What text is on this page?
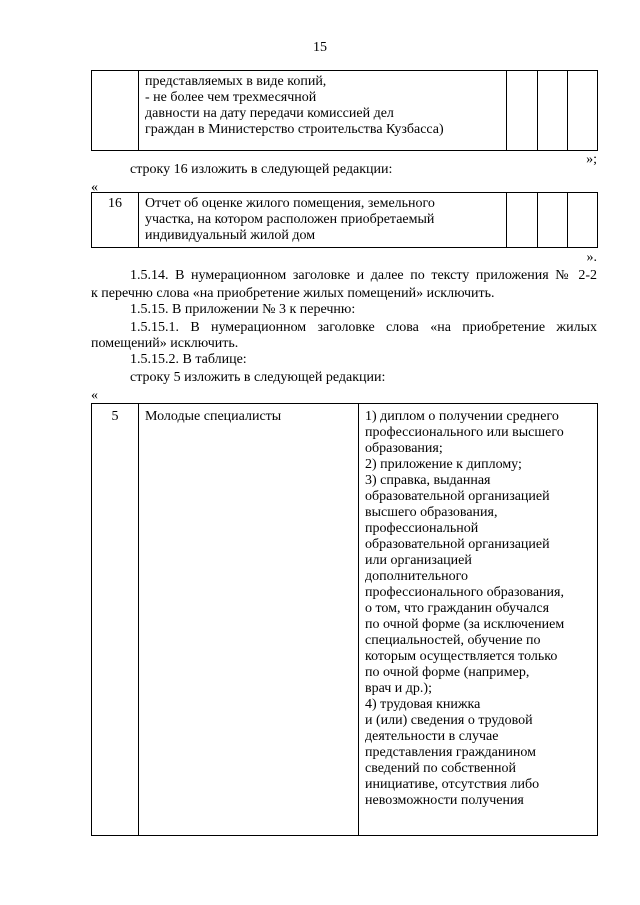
15

представляемых в виде копий,
- не более чем трехмесячной
давности на дату передачи комиссией дел
граждан в Министерство строительства Кузбасса)

»;
строку 16 изложить в следующей редакции:
«
16	Отчет об оценке жилого помещения, земельного
участка, на котором расположен приобретаемый
индивидуальный жилой дом

».
1.5.14. В нумерационном заголовке и далее по тексту приложения № 2-2
к перечню слова «на приобретение жилых помещений» исключить.
1.5.15. В приложении № 3 к перечню:
1.5.15.1. В нумерационном заголовке слова «на приобретение жилых
помещений» исключить.
1.5.15.2. В таблице:
строку 5 изложить в следующей редакции:
«
5	Молодые специалисты	1) диплом о получении среднего
профессионального или высшего
образования;
2) приложение к диплому;
3) справка, выданная
образовательной организацией
высшего образования,
профессиональной
образовательной организацией
или организацией
дополнительного
профессионального образования,
о том, что гражданин обучался
по очной форме (за исключением
специальностей, обучение по
которым осуществляется только
по очной форме (например,
врач и др.);
4) трудовая книжка
и (или) сведения о трудовой
деятельности в случае
представления гражданином
сведений по собственной
инициативе, отсутствия либо
невозможности получения
